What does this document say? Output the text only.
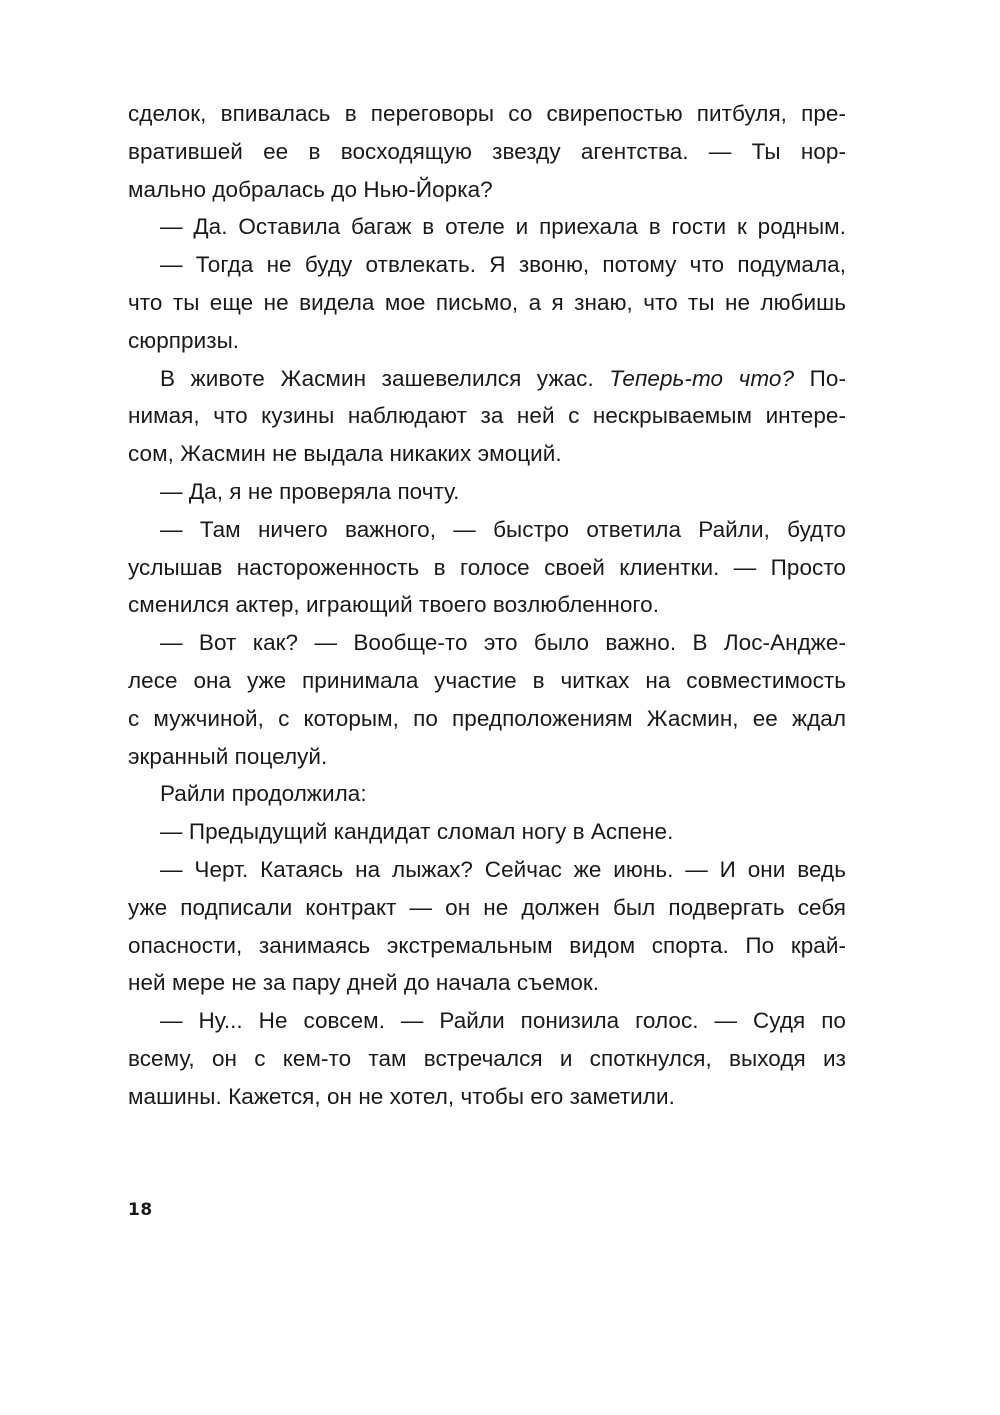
сделок, впивалась в переговоры со свирепостью питбуля, пре-
вратившей ее в восходящую звезду агентства. — Ты нор-
мально добралась до Нью-Йорка?
— Да. Оставила багаж в отеле и приехала в гости к родным.
— Тогда не буду отвлекать. Я звоню, потому что подумала,
что ты еще не видела мое письмо, а я знаю, что ты не любишь
сюрпризы.
В животе Жасмин зашевелился ужас. Теперь-то что? По-
нимая, что кузины наблюдают за ней с нескрываемым интере-
сом, Жасмин не выдала никаких эмоций.
— Да, я не проверяла почту.
— Там ничего важного, — быстро ответила Райли, будто
услышав настороженность в голосе своей клиентки. — Просто
сменился актер, играющий твоего возлюбленного.
— Вот как? — Вообще-то это было важно. В Лос-Андже-
лесе она уже принимала участие в читках на совместимость
с мужчиной, с которым, по предположениям Жасмин, ее ждал
экранный поцелуй.
Райли продолжила:
— Предыдущий кандидат сломал ногу в Аспене.
— Черт. Катаясь на лыжах? Сейчас же июнь. — И они ведь
уже подписали контракт — он не должен был подвергать себя
опасности, занимаясь экстремальным видом спорта. По край-
ней мере не за пару дней до начала съемок.
— Ну... Не совсем. — Райли понизила голос. — Судя по
всему, он с кем-то там встречался и споткнулся, выходя из
машины. Кажется, он не хотел, чтобы его заметили.
18
